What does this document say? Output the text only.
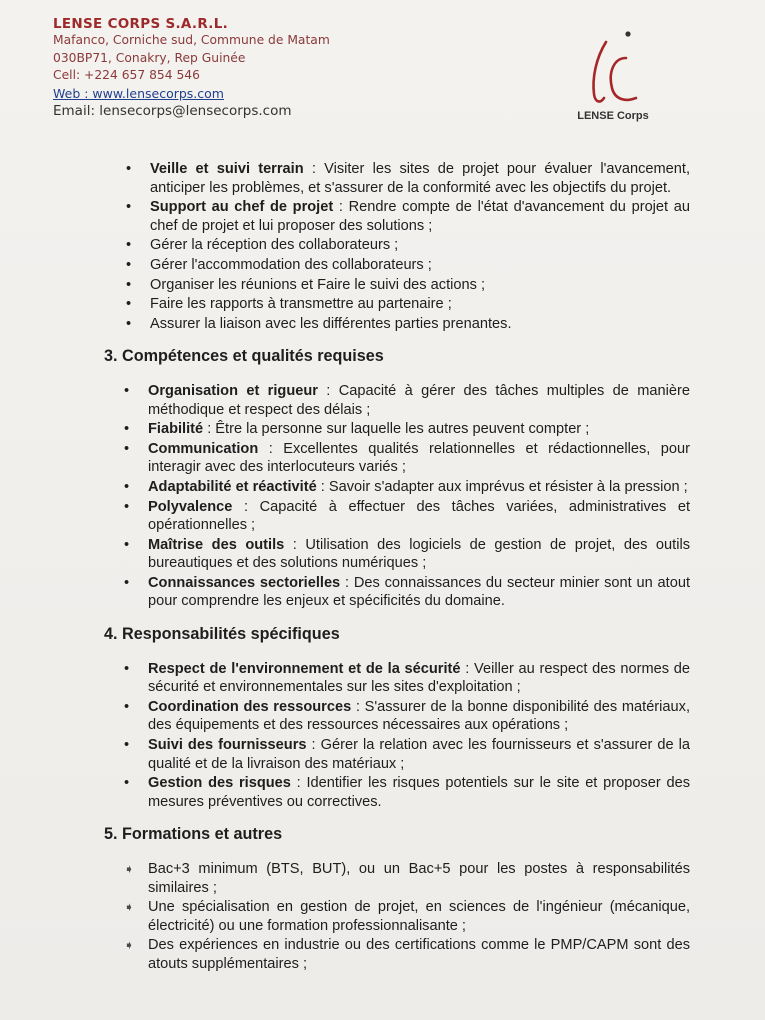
LENSE CORPS S.A.R.L.
Mafanco, Corniche sud, Commune de Matam
030BP71, Conakry, Rep Guinée
Cell: +224 657 854 546
Web : www.lensecorps.com
Email: lensecorps@lensecorps.com	LENSE Corps
• Veille et suivi terrain : Visiter les sites de projet pour évaluer l'avancement, anticiper les problèmes, et s'assurer de la conformité avec les objectifs du projet.
• Support au chef de projet : Rendre compte de l'état d'avancement du projet au chef de projet et lui proposer des solutions ;
• Gérer la réception des collaborateurs ;
• Gérer l'accommodation des collaborateurs ;
• Organiser les réunions et Faire le suivi des actions ;
• Faire les rapports à transmettre au partenaire ;
• Assurer la liaison avec les différentes parties prenantes.
3. Compétences et qualités requises
• Organisation et rigueur : Capacité à gérer des tâches multiples de manière méthodique et respect des délais ;
• Fiabilité : Être la personne sur laquelle les autres peuvent compter ;
• Communication : Excellentes qualités relationnelles et rédactionnelles, pour interagir avec des interlocuteurs variés ;
• Adaptabilité et réactivité : Savoir s'adapter aux imprévus et résister à la pression ;
• Polyvalence : Capacité à effectuer des tâches variées, administratives et opérationnelles ;
• Maîtrise des outils : Utilisation des logiciels de gestion de projet, des outils bureautiques et des solutions numériques ;
• Connaissances sectorielles : Des connaissances du secteur minier sont un atout pour comprendre les enjeux et spécificités du domaine.
4. Responsabilités spécifiques
• Respect de l'environnement et de la sécurité : Veiller au respect des normes de sécurité et environnementales sur les sites d'exploitation ;
• Coordination des ressources : S'assurer de la bonne disponibilité des matériaux, des équipements et des ressources nécessaires aux opérations ;
• Suivi des fournisseurs : Gérer la relation avec les fournisseurs et s'assurer de la qualité et de la livraison des matériaux ;
• Gestion des risques : Identifier les risques potentiels sur le site et proposer des mesures préventives ou correctives.
5. Formations et autres
➧ Bac+3 minimum (BTS, BUT), ou un Bac+5 pour les postes à responsabilités similaires ;
➧ Une spécialisation en gestion de projet, en sciences de l'ingénieur (mécanique, électricité) ou une formation professionnalisante ;
➧ Des expériences en industrie ou des certifications comme le PMP/CAPM sont des atouts supplémentaires ;
